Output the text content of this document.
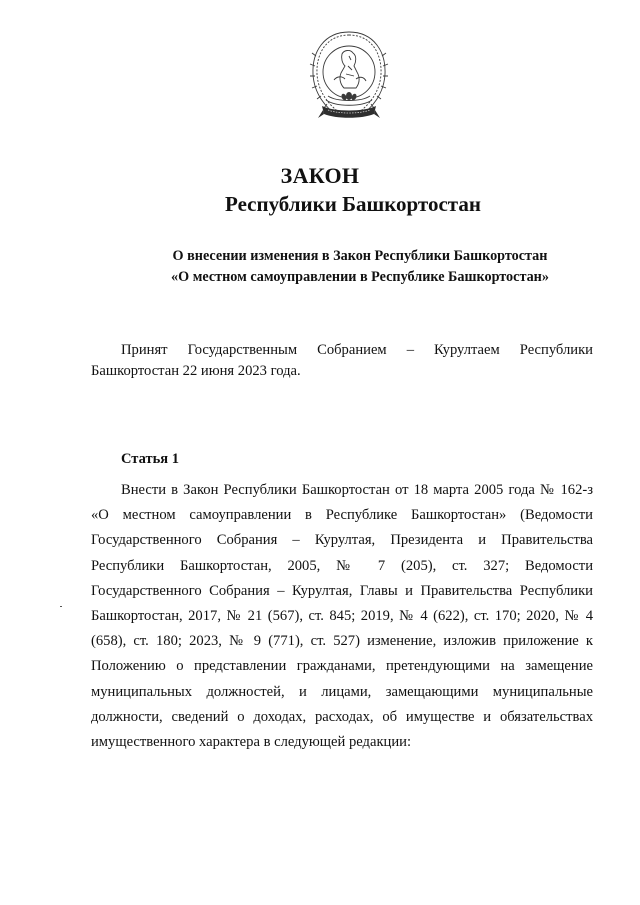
ЗАКОН
Республики Башкортостан
О внесении изменения в Закон Республики Башкортостан
«О местном самоуправлении в Республике Башкортостан»
Принят Государственным Собранием – Курултаем Республики Башкортостан 22 июня 2023 года.
Статья 1
Внести в Закон Республики Башкортостан от 18 марта 2005 года № 162-з «О местном самоуправлении в Республике Башкортостан» (Ведомости Государственного Собрания – Курултая, Президента и Правительства Республики Башкортостан, 2005, № 7 (205), ст. 327; Ведомости Государственного Собрания – Курултая, Главы и Правительства Республики Башкортостан, 2017, № 21 (567), ст. 845; 2019, № 4 (622), ст. 170; 2020, № 4 (658), ст. 180; 2023, № 9 (771), ст. 527) изменение, изложив приложение к Положению о представлении гражданами, претендующими на замещение муниципальных должностей, и лицами, замещающими муниципальные должности, сведений о доходах, расходах, об имуществе и обязательствах имущественного характера в следующей редакции:
